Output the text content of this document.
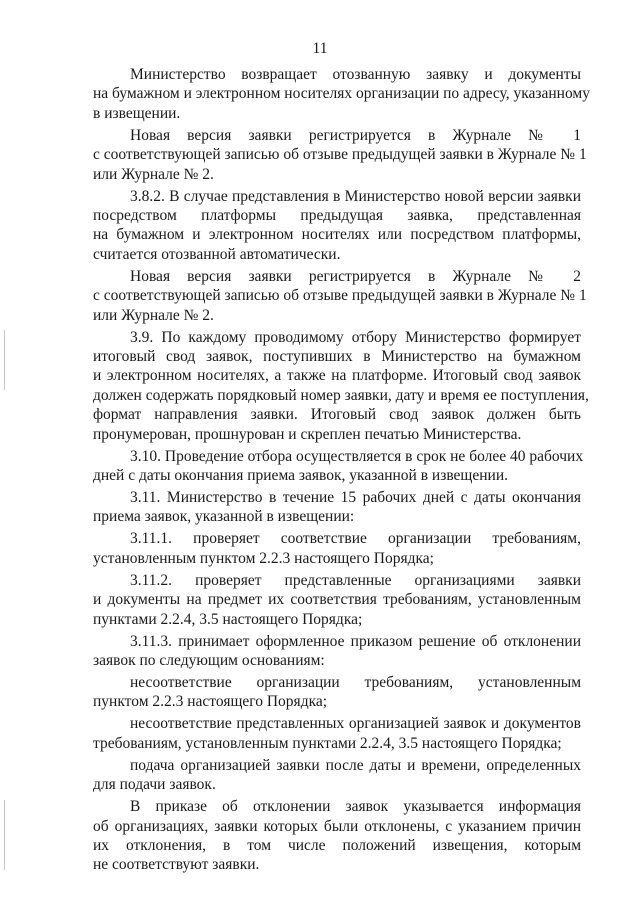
11
Министерство возвращает отозванную заявку и документы
на бумажном и электронном носителях организации по адресу, указанному
в извещении.
Новая версия заявки регистрируется в Журнале № 1
с соответствующей записью об отзыве предыдущей заявки в Журнале № 1
или Журнале № 2.
3.8.2. В случае представления в Министерство новой версии заявки
посредством платформы предыдущая заявка, представленная
на бумажном и электронном носителях или посредством платформы,
считается отозванной автоматически.
Новая версия заявки регистрируется в Журнале № 2
с соответствующей записью об отзыве предыдущей заявки в Журнале № 1
или Журнале № 2.
3.9. По каждому проводимому отбору Министерство формирует
итоговый свод заявок, поступивших в Министерство на бумажном
и электронном носителях, а также на платформе. Итоговый свод заявок
должен содержать порядковый номер заявки, дату и время ее поступления,
формат направления заявки. Итоговый свод заявок должен быть
пронумерован, прошнурован и скреплен печатью Министерства.
3.10. Проведение отбора осуществляется в срок не более 40 рабочих
дней с даты окончания приема заявок, указанной в извещении.
3.11. Министерство в течение 15 рабочих дней с даты окончания
приема заявок, указанной в извещении:
3.11.1. проверяет соответствие организации требованиям,
установленным пунктом 2.2.3 настоящего Порядка;
3.11.2. проверяет представленные организациями заявки
и документы на предмет их соответствия требованиям, установленным
пунктами 2.2.4, 3.5 настоящего Порядка;
3.11.3. принимает оформленное приказом решение об отклонении
заявок по следующим основаниям:
несоответствие организации требованиям, установленным
пунктом 2.2.3 настоящего Порядка;
несоответствие представленных организацией заявок и документов
требованиям, установленным пунктами 2.2.4, 3.5 настоящего Порядка;
подача организацией заявки после даты и времени, определенных
для подачи заявок.
В приказе об отклонении заявок указывается информация
об организациях, заявки которых были отклонены, с указанием причин
их отклонения, в том числе положений извещения, которым
не соответствуют заявки.
